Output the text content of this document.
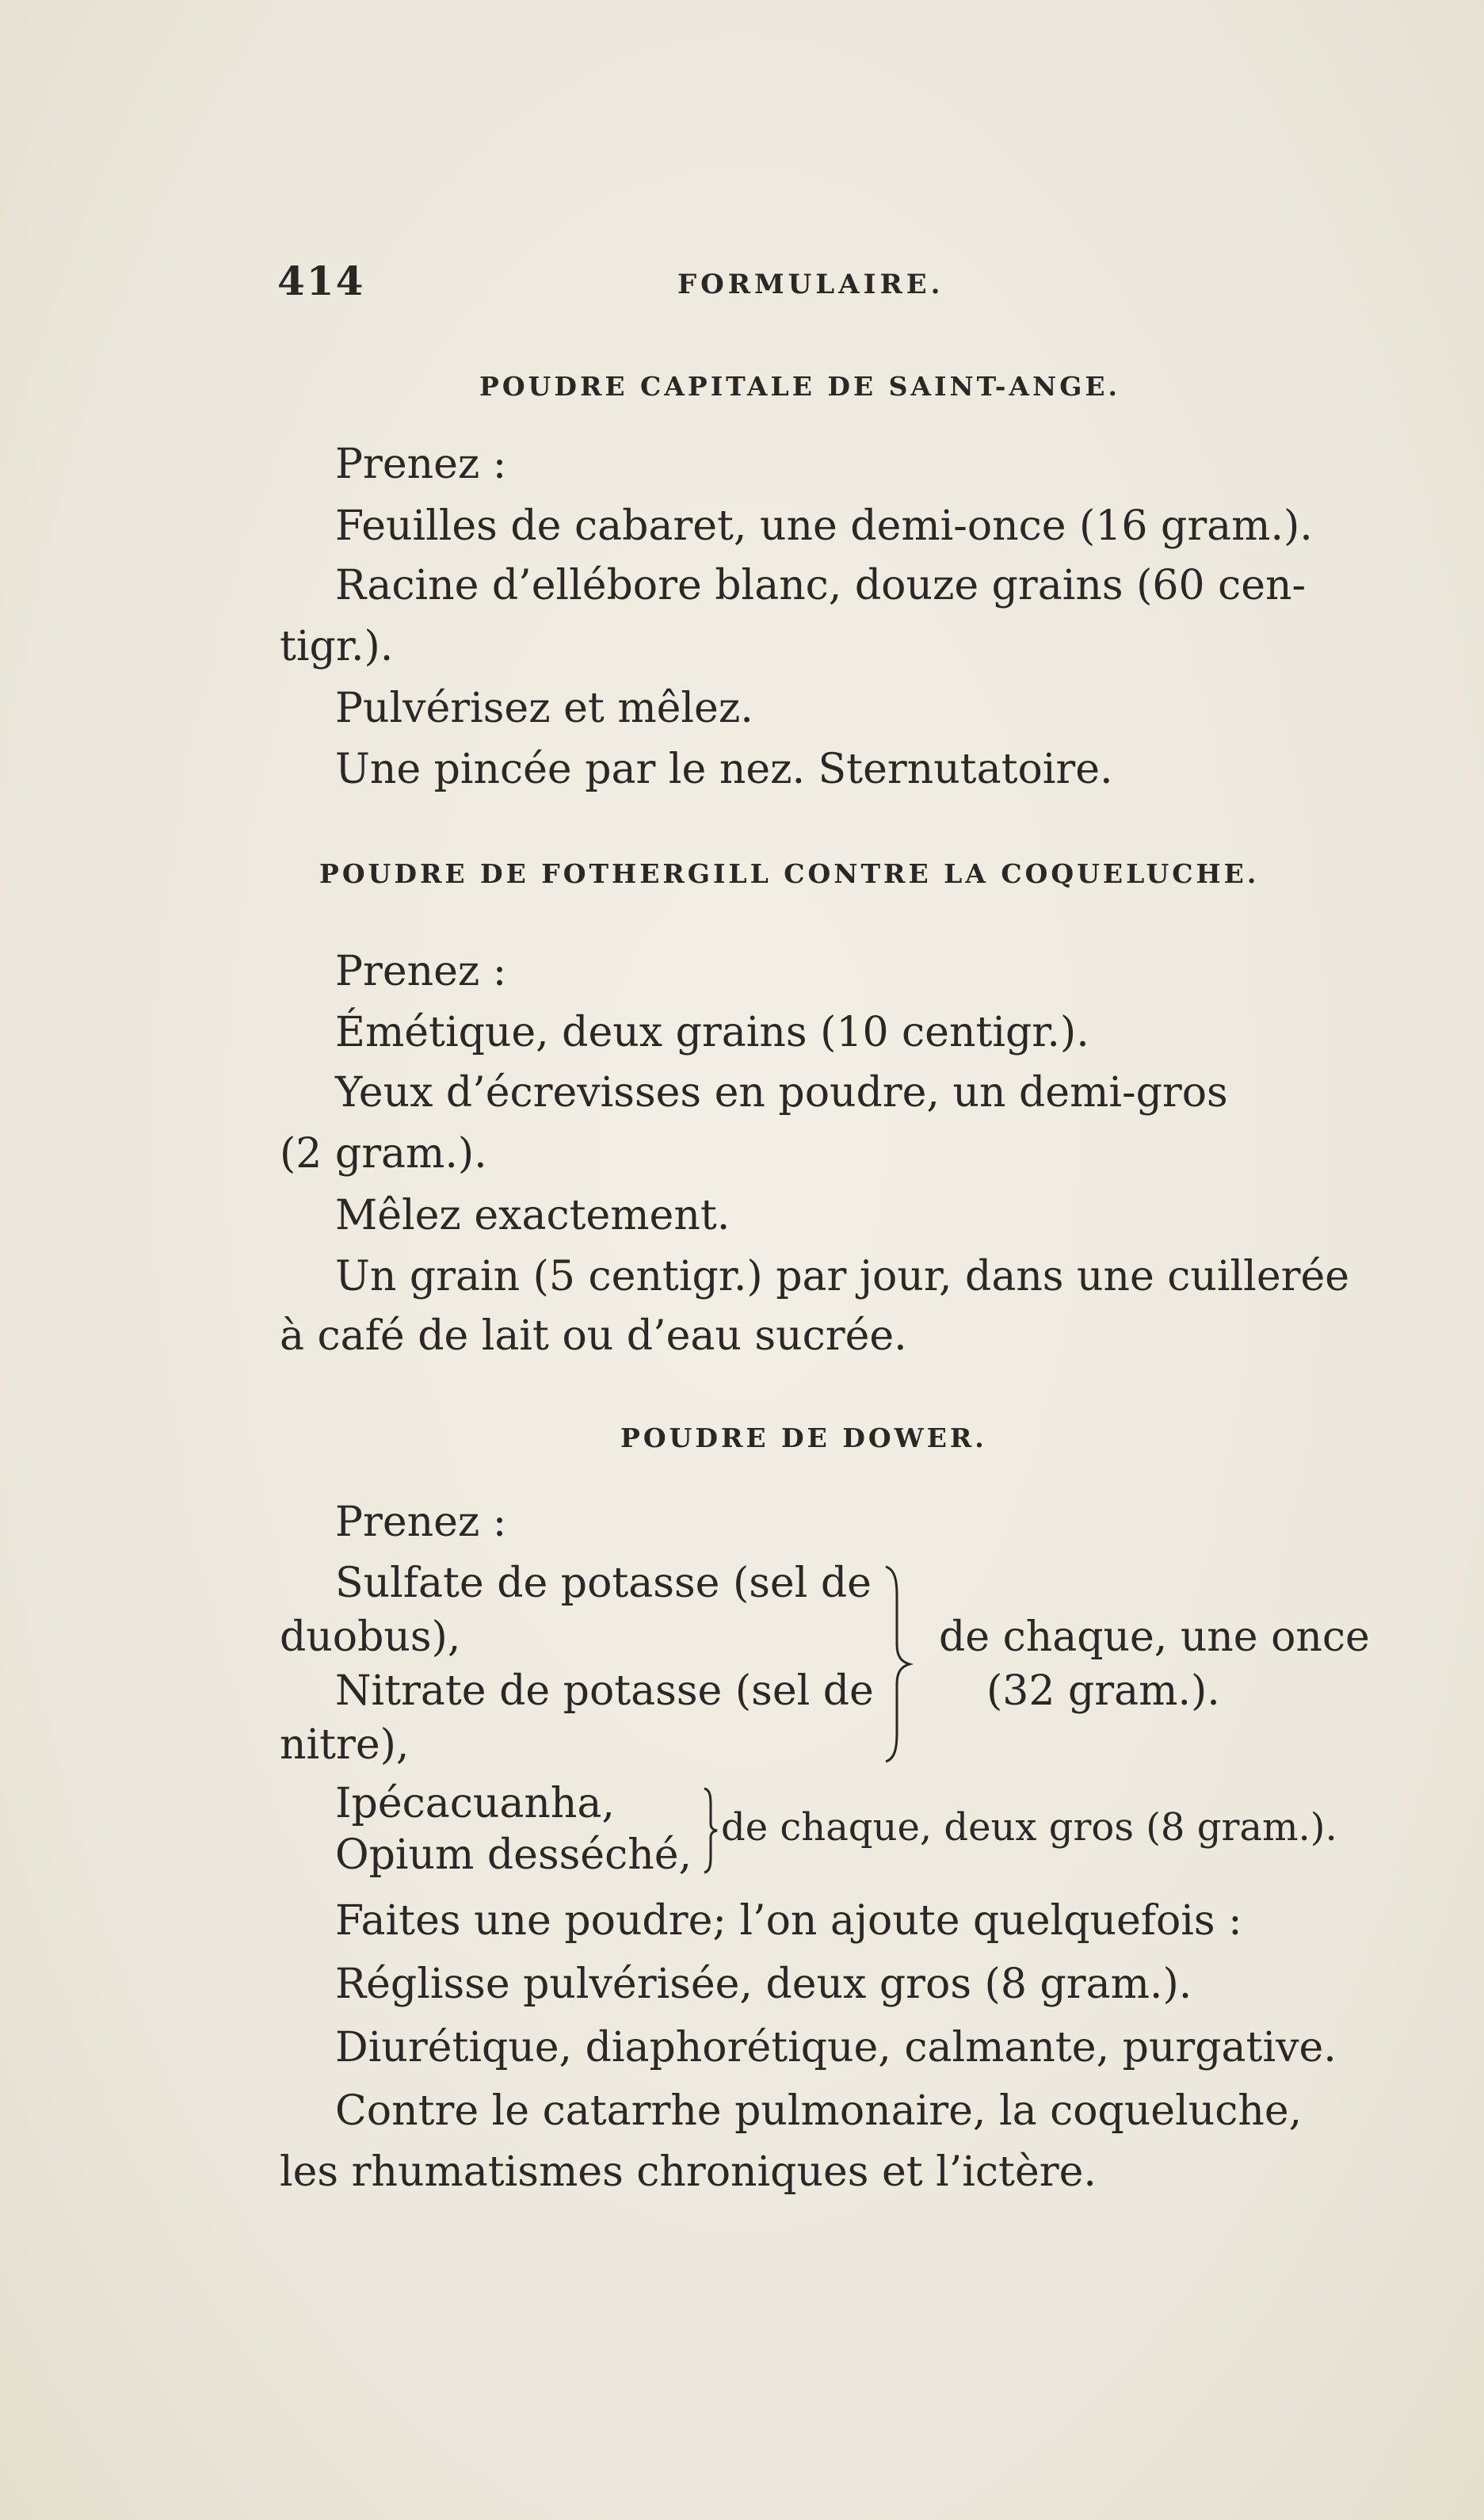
414	FORMULAIRE.
POUDRE CAPITALE DE SAINT-ANGE.
Prenez :
Feuilles de cabaret, une demi-once (16 gram.).
Racine d’ellébore blanc, douze grains (60 cen-
tigr.).
Pulvérisez et mêlez.
Une pincée par le nez. Sternutatoire.
POUDRE DE FOTHERGILL CONTRE LA COQUELUCHE.
Prenez :
Émétique, deux grains (10 centigr.).
Yeux d’écrevisses en poudre, un demi-gros
(2 gram.).
Mêlez exactement.
Un grain (5 centigr.) par jour, dans une cuillerée
à café de lait ou d’eau sucrée.
POUDRE DE DOWER.
Prenez :
Sulfate de potasse (sel de
duobus),
Nitrate de potasse (sel de
nitre),
de chaque, une once
(32 gram.).
Ipécacuanha,
Opium desséché,
de chaque, deux gros (8 gram.).
Faites une poudre; l’on ajoute quelquefois :
Réglisse pulvérisée, deux gros (8 gram.).
Diurétique, diaphorétique, calmante, purgative.
Contre le catarrhe pulmonaire, la coqueluche,
les rhumatismes chroniques et l’ictère.
